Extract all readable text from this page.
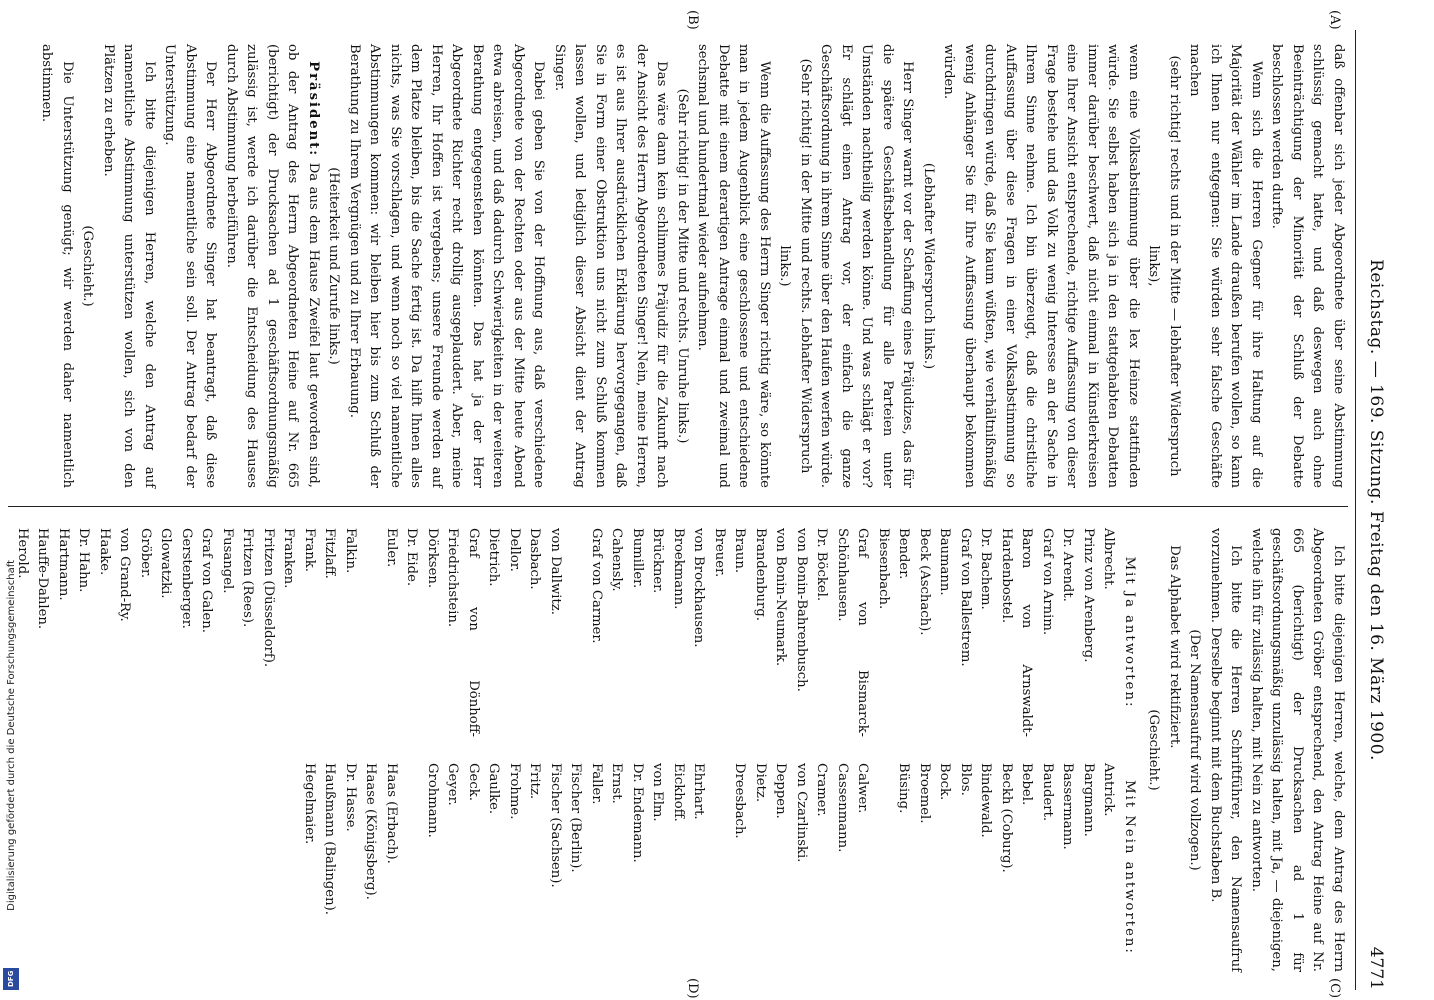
Reichstag. — 169. Sitzung. Freitag den 16. März 1900.
4771
(A)
(B)
(C)
(D)

daß offenbar sich jeder Abgeordnete über seine Abstimmung schlüssig gemacht hatte, und daß deswegen auch ohne Beeinträchtigung der Minorität der Schluß der Debatte beschlossen werden durfte.

Wenn sich die Herren Gegner für ihre Haltung auf die Majorität der Wähler im Lande draußen berufen wollen, so kann ich Ihnen nur entgegnen: Sie würden sehr falsche Geschäfte machen

(sehr richtig! rechts und in der Mitte — lebhafter Widerspruch links),

wenn eine Volksabstimmung über die lex Heinze stattfinden würde. Sie selbst haben sich ja in den stattgehabten Debatten immer darüber beschwert, daß nicht einmal in Künstlerkreisen eine Ihrer Ansicht entsprechende, richtige Auffassung von dieser Frage bestehe und das Volk zu wenig Interesse an der Sache in Ihrem Sinne nehme. Ich bin überzeugt, daß die christliche Auffassung über diese Fragen in einer Volksabstimmung so durchdringen würde, daß Sie kaum wüßten, wie verhältnißmäßig wenig Anhänger Sie für Ihre Auffassung überhaupt bekommen würden.

(Lebhafter Widerspruch links.)

Herr Singer warnt vor der Schaffung eines Präjudizes, das für die spätere Geschäftsbehandlung für alle Parteien unter Umständen nachtheilig werden könne. Und was schlägt er vor? Er schlägt einen Antrag vor, der einfach die ganze Geschäftsordnung in ihrem Sinne über den Haufen werfen würde.

(Sehr richtig! in der Mitte und rechts. Lebhafter Widerspruch links.)

Wenn die Auffassung des Herrn Singer richtig wäre, so könnte man in jedem Augenblick eine geschlossene und entschiedene Debatte mit einem derartigen Antrage einmal und zweimal und sechsmal und hundertmal wieder aufnehmen.

(Sehr richtig! in der Mitte und rechts. Unruhe links.)

Das wäre dann kein schlimmes Präjudiz für die Zukunft nach der Ansicht des Herrn Abgeordneten Singer! Nein, meine Herren, es ist aus Ihrer ausdrücklichen Erklärung hervorgegangen, daß Sie in Form einer Obstruktion uns nicht zum Schluß kommen lassen wollen, und lediglich dieser Absicht dient der Antrag Singer.

Dabei geben Sie von der Hoffnung aus, daß verschiedene Abgeordnete von der Rechten oder aus der Mitte heute Abend etwa abreisen, und daß dadurch Schwierigkeiten in der weiteren Berathung entgegenstehen könnten. Das hat ja der Herr Abgeordnete Richter recht drollig ausgeplaudert. Aber, meine Herren, Ihr Hoffen ist vergebens; unsere Freunde werden auf dem Platze bleiben, bis die Sache fertig ist. Da hilft Ihnen alles nichts, was Sie vorschlagen, und wenn noch so viel namentliche Abstimmungen kommen: wir bleiben hier bis zum Schluß der Berathung zu Ihrem Vergnügen und zu Ihrer Erbauung.

(Heiterkeit und Zurufe links.)

Präsident: Da aus dem Hause Zweifel laut geworden sind, ob der Antrag des Herrn Abgeordneten Heine auf Nr. 665 (berichtigt) der Drucksachen ad 1 geschäftsordnungsmäßig zulässig ist, werde ich darüber die Entscheidung des Hauses durch Abstimmung herbeiführen.

Der Herr Abgeordnete Singer hat beantragt, daß diese Abstimmung eine namentliche sein soll. Der Antrag bedarf der Unterstützung.

Ich bitte diejenigen Herren, welche den Antrag auf namentliche Abstimmung unterstützen wollen, sich von den Plätzen zu erheben.

(Geschieht.)

Die Unterstützung genügt; wir werden daher namentlich abstimmen.

Ich bitte diejenigen Herren, welche, dem Antrag des Herrn Abgeordneten Gröber entsprechend, den Antrag Heine auf Nr. 665 (berichtigt) der Drucksachen ad 1 für geschäftsordnungsmäßig unzulässig halten, mit Ja, — diejenigen, welche ihn für zulässig halten, mit Nein zu antworten.

Ich bitte die Herren Schriftführer, den Namensaufruf vorzunehmen. Derselbe beginnt mit dem Buchstaben B.

(Der Namensaufruf wird vollzogen.)

Das Alphabet wird rektifiziert.

(Geschieht.)

Mit Ja antworten:
Albrecht.
Prinz von Arenberg.
Dr. Arendt.
Graf von Arnim.
Baron von Arnswaldt-Hardenbostel.
Dr. Bachem.
Graf von Ballestrem.
Baumann.
Beck (Aschach).
Bender.
Biesenbach.
Graf von Bismarck-Schönhausen.
Dr. Böckel.
von Bonin-Bahrenbusch.
von Bonin-Neumark.
Brandenburg.
Braun.
Breuer.
von Brockhausen.
Broekmann.
Brückner.
Bumiller.
Cahensly.
Graf von Carmer.

von Dallwitz.
Dasbach.
Dellor.
Dietrich.
Graf von Dönhoff-Friedrichstein.
Dörksen.
Dr. Eide.
Euler.

Falkin.
Fitzlaff.
Frank.
Franken.
Fritzen (Düsseldorf).
Fritzen (Rees).
Fusangel.
Graf von Galen.
Gerstenberger.
Glowatzki.
Gröber.
von Grand-Ry.
Haake.
Dr. Hahn.
Hartmann.
Hauffe-Dahlen.
Herold.
Mit Nein antworten:
Antrick.
Bargmann.
Bassermann.
Baudert.
Bebel.
Beckh (Coburg).
Bindewald.
Blos.
Bock.
Broemel.
Büsing.

Calwer.
Cassenmann.
Cramer.
von Czarlinski.
Deppen.
Dietz.
Dreesbach.

Ehrhart.
Eickhoff.
von Elm.
Dr. Endemann.
Ernst.
Faller.
Fischer (Berlin).
Fischer (Sachsen).
Fritz.
Frohme.
Gaulke.
Geck.
Geyer.
Grohmann.

Haas (Erbach).
Haase (Königsberg).
Dr. Hasse.
Haußmann (Balingen).
Hegelmaier.
Digitalisierung gefördert durch die Deutsche Forschungsgemeinschaft
DFG
